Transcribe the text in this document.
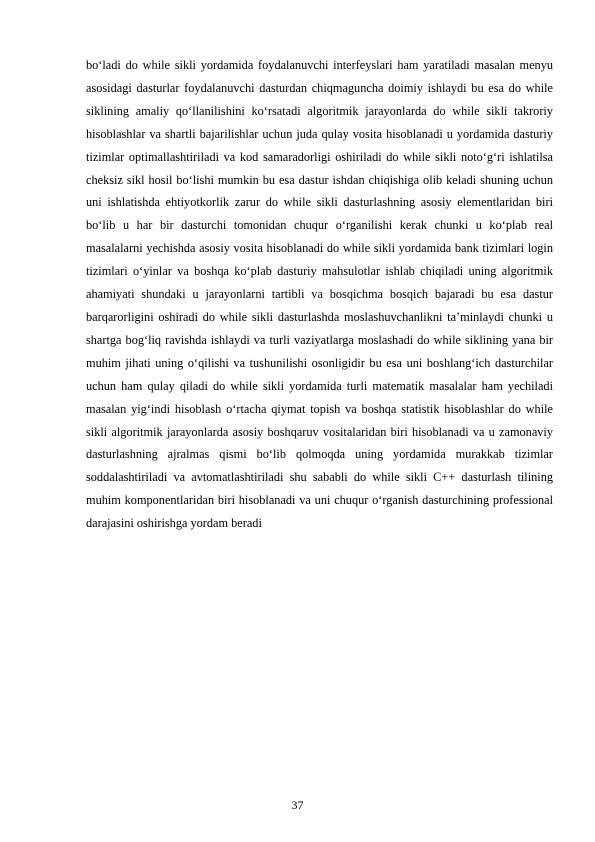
bo‘ladi do while sikli yordamida foydalanuvchi interfeyslari ham yaratiladi masalan menyu asosidagi dasturlar foydalanuvchi dasturdan chiqmaguncha doimiy ishlaydi bu esa do while siklining amaliy qo‘llanilishini ko‘rsatadi algoritmik jarayonlarda do while sikli takroriy hisoblashlar va shartli bajarilishlar uchun juda qulay vosita hisoblanadi u yordamida dasturiy tizimlar optimallashtiriladi va kod samaradorligi oshiriladi do while sikli noto‘g‘ri ishlatilsa cheksiz sikl hosil bo‘lishi mumkin bu esa dastur ishdan chiqishiga olib keladi shuning uchun uni ishlatishda ehtiyotkorlik zarur do while sikli dasturlashning asosiy elementlaridan biri bo‘lib u har bir dasturchi tomonidan chuqur o‘rganilishi kerak chunki u ko‘plab real masalalarni yechishda asosiy vosita hisoblanadi do while sikli yordamida bank tizimlari login tizimlari o‘yinlar va boshqa ko‘plab dasturiy mahsulotlar ishlab chiqiladi uning algoritmik ahamiyati shundaki u jarayonlarni tartibli va bosqichma bosqich bajaradi bu esa dastur barqarorligini oshiradi do while sikli dasturlashda moslashuvchanlikni ta’minlaydi chunki u shartga bog‘liq ravishda ishlaydi va turli vaziyatlarga moslashadi do while siklining yana bir muhim jihati uning o‘qilishi va tushunilishi osonligidir bu esa uni boshlang‘ich dasturchilar uchun ham qulay qiladi do while sikli yordamida turli matematik masalalar ham yechiladi masalan yig‘indi hisoblash o‘rtacha qiymat topish va boshqa statistik hisoblashlar do while sikli algoritmik jarayonlarda asosiy boshqaruv vositalaridan biri hisoblanadi va u zamonaviy dasturlashning ajralmas qismi bo‘lib qolmoqda uning yordamida murakkab tizimlar soddalashtiriladi va avtomatlashtiriladi shu sababli do while sikli C++ dasturlash tilining muhim komponentlaridan biri hisoblanadi va uni chuqur o‘rganish dasturchining professional darajasini oshirishga yordam beradi

37
